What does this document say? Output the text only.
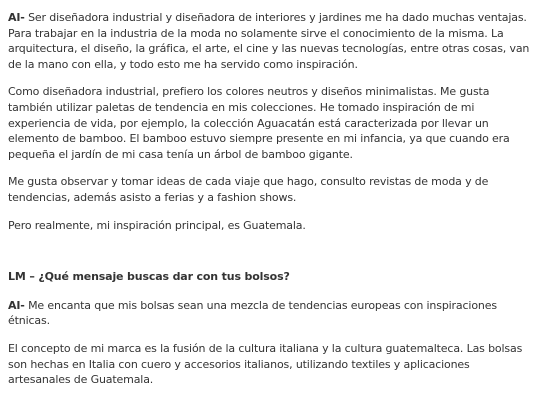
AI- Ser diseñadora industrial y diseñadora de interiores y jardines me ha dado muchas ventajas. Para trabajar en la industria de la moda no solamente sirve el conocimiento de la misma. La arquitectura, el diseño, la gráfica, el arte, el cine y las nuevas tecnologías, entre otras cosas, van de la mano con ella, y todo esto me ha servido como inspiración.

Como diseñadora industrial, prefiero los colores neutros y diseños minimalistas. Me gusta también utilizar paletas de tendencia en mis colecciones. He tomado inspiración de mi experiencia de vida, por ejemplo, la colección Aguacatán está caracterizada por llevar un elemento de bamboo. El bamboo estuvo siempre presente en mi infancia, ya que cuando era pequeña el jardín de mi casa tenía un árbol de bamboo gigante.

Me gusta observar y tomar ideas de cada viaje que hago, consulto revistas de moda y de tendencias, además asisto a ferias y a fashion shows.

Pero realmente, mi inspiración principal, es Guatemala.

LM – ¿Qué mensaje buscas dar con tus bolsos?

AI- Me encanta que mis bolsas sean una mezcla de tendencias europeas con inspiraciones étnicas.

El concepto de mi marca es la fusión de la cultura italiana y la cultura guatemalteca. Las bolsas son hechas en Italia con cuero y accesorios italianos, utilizando textiles y aplicaciones artesanales de Guatemala.
